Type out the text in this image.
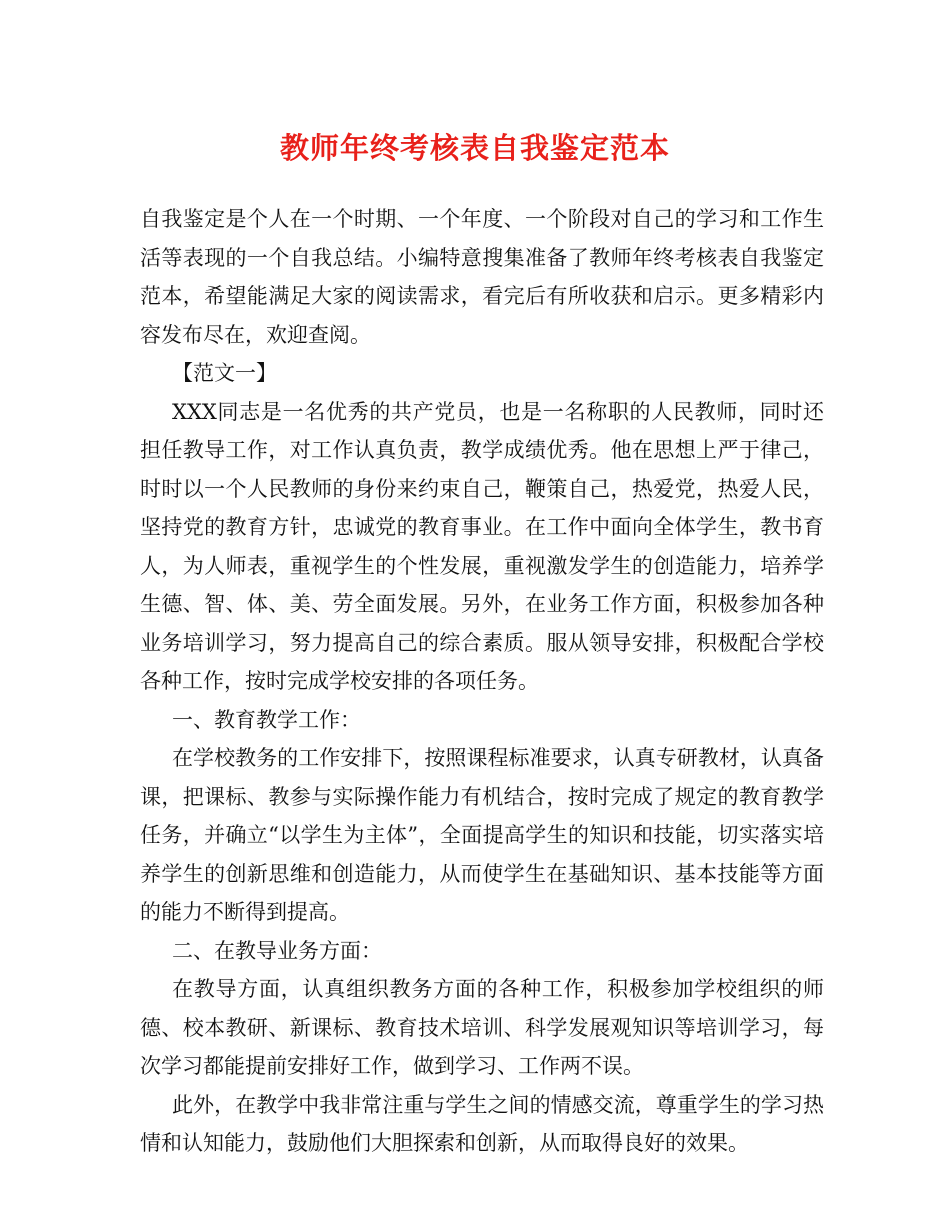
教师年终考核表自我鉴定范本

自我鉴定是个人在一个时期、一个年度、一个阶段对自己的学习和工作生活等表现的一个自我总结。小编特意搜集准备了教师年终考核表自我鉴定范本，希望能满足大家的阅读需求，看完后有所收获和启示。更多精彩内容发布尽在，欢迎查阅。

【范文一】

XXX同志是一名优秀的共产党员，也是一名称职的人民教师，同时还担任教导工作，对工作认真负责，教学成绩优秀。他在思想上严于律己，时时以一个人民教师的身份来约束自己，鞭策自己，热爱党，热爱人民，坚持党的教育方针，忠诚党的教育事业。在工作中面向全体学生，教书育人，为人师表，重视学生的个性发展，重视激发学生的创造能力，培养学生德、智、体、美、劳全面发展。另外，在业务工作方面，积极参加各种业务培训学习，努力提高自己的综合素质。服从领导安排，积极配合学校各种工作，按时完成学校安排的各项任务。

一、教育教学工作：

在学校教务的工作安排下，按照课程标准要求，认真专研教材，认真备课，把课标、教参与实际操作能力有机结合，按时完成了规定的教育教学任务，并确立“以学生为主体”，全面提高学生的知识和技能，切实落实培养学生的创新思维和创造能力，从而使学生在基础知识、基本技能等方面的能力不断得到提高。

二、在教导业务方面：

在教导方面，认真组织教务方面的各种工作，积极参加学校组织的师德、校本教研、新课标、教育技术培训、科学发展观知识等培训学习，每次学习都能提前安排好工作，做到学习、工作两不误。

此外，在教学中我非常注重与学生之间的情感交流，尊重学生的学习热情和认知能力，鼓励他们大胆探索和创新，从而取得良好的效果。
